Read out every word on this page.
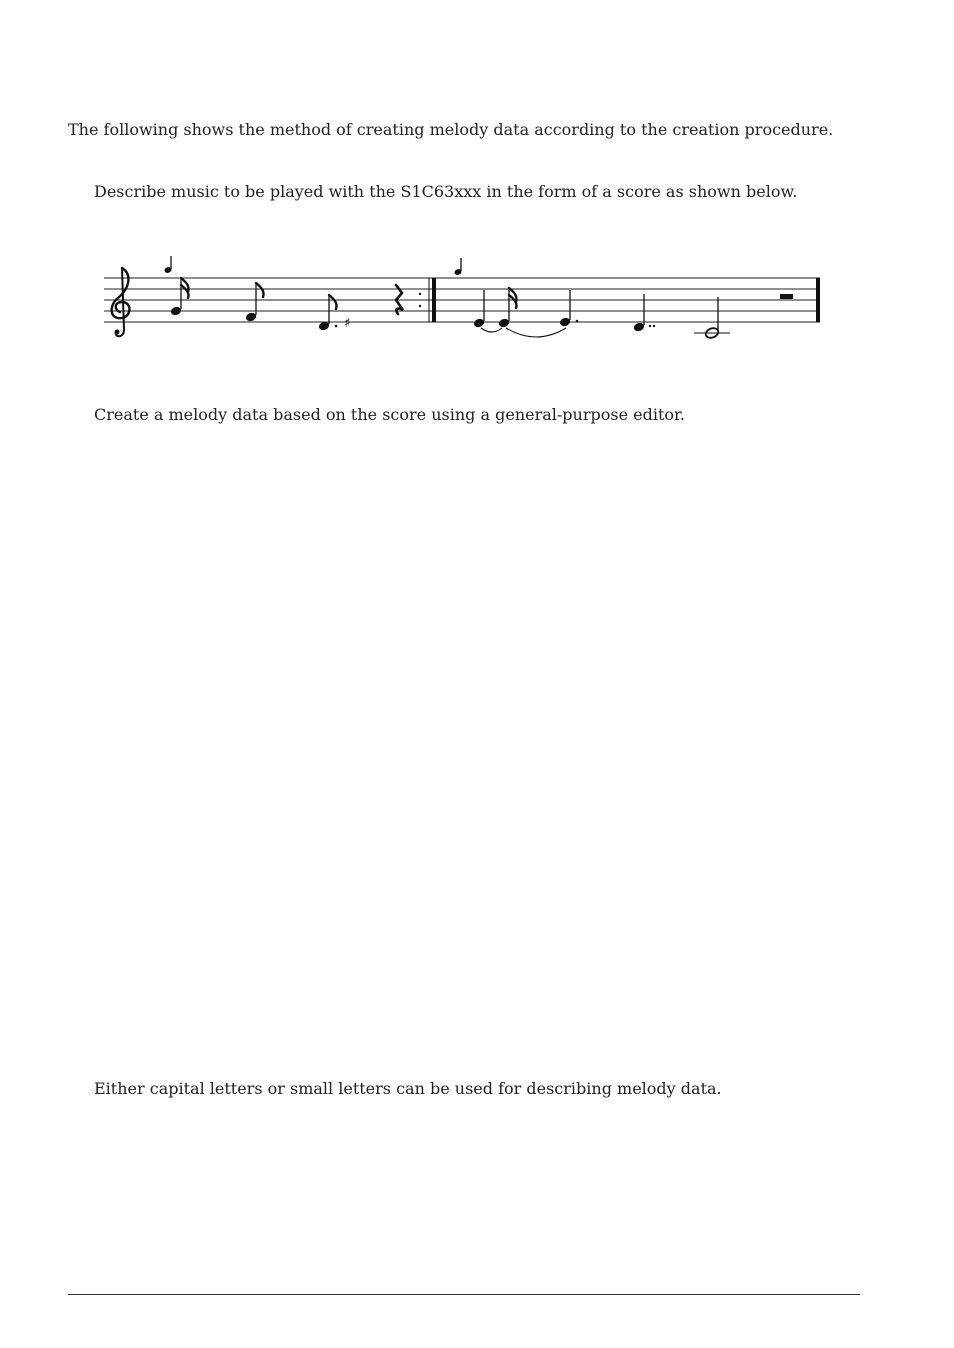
The following shows the method of creating melody data according to the creation procedure.

Describe music to be played with the S1C63xxx in the form of a score as shown below.

♯

Create a melody data based on the score using a general-purpose editor.

Either capital letters or small letters can be used for describing melody data.
